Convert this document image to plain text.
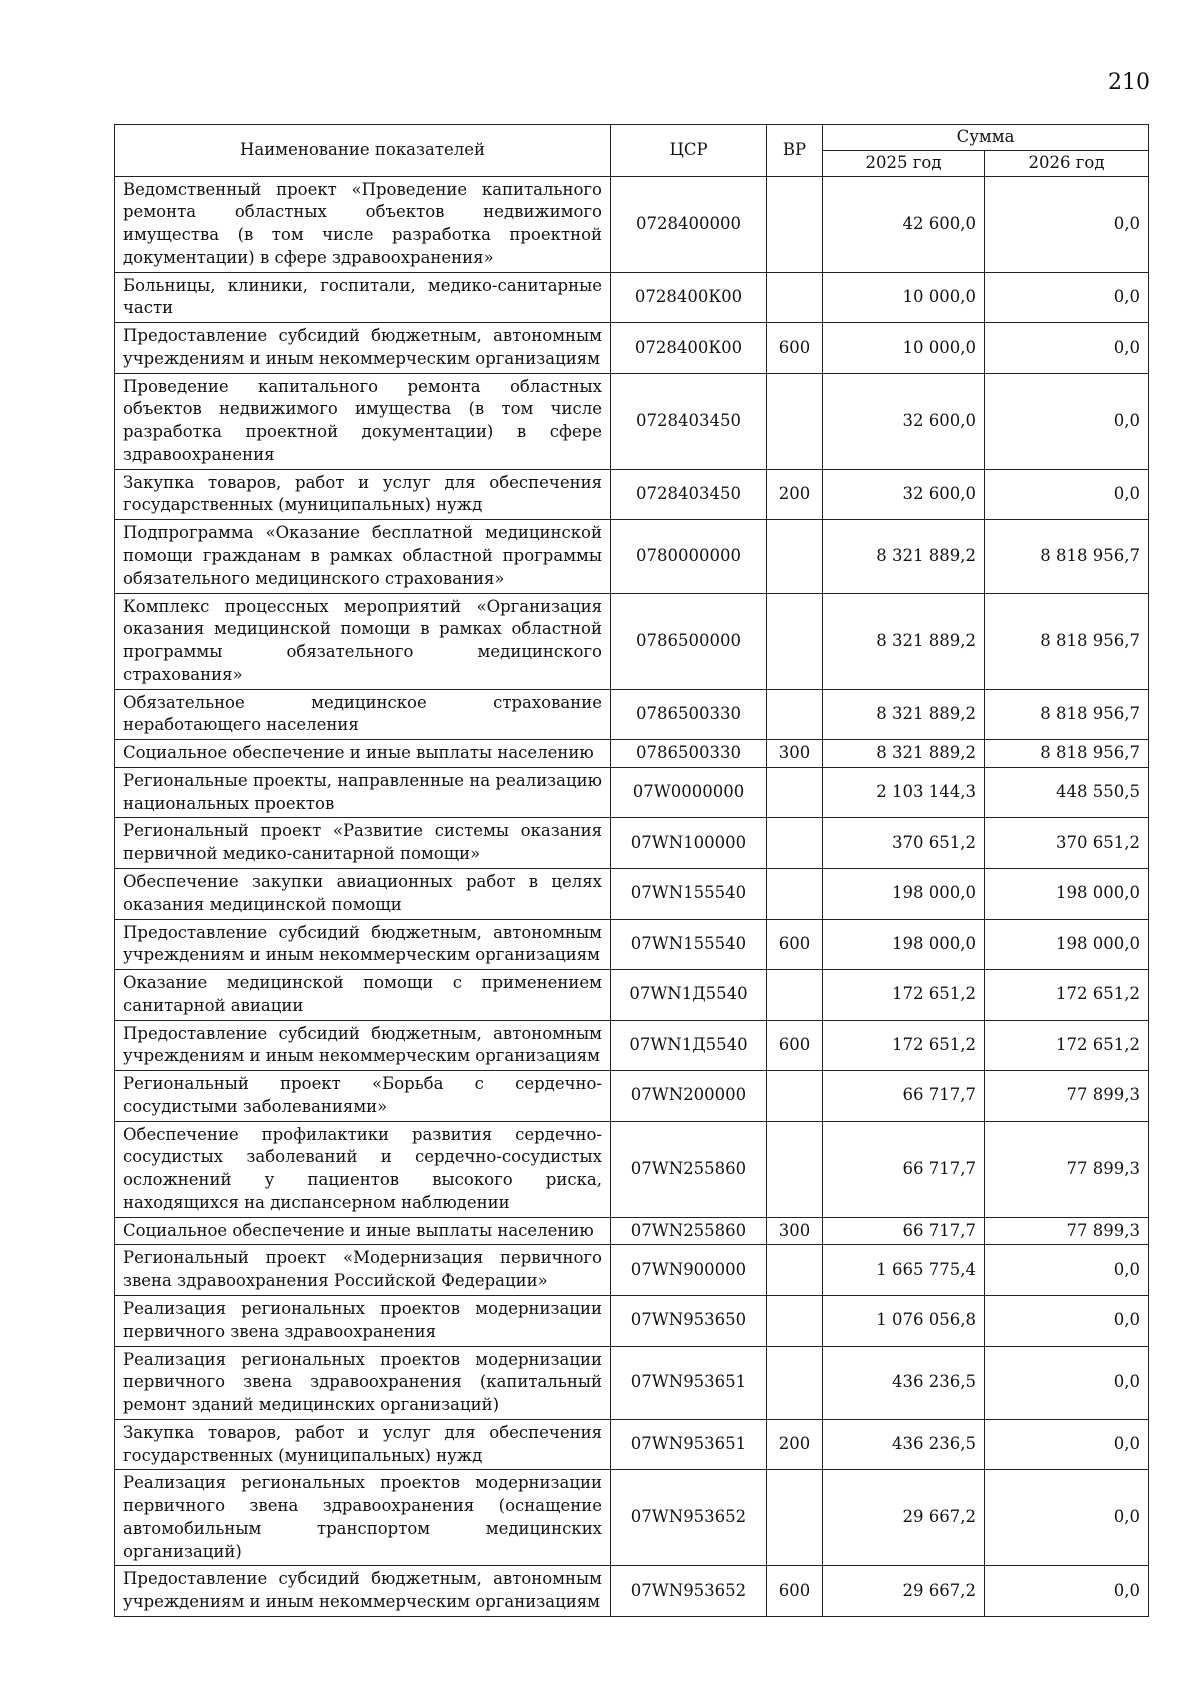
210
Наименование показателей	ЦСР	ВР	Сумма	
			2025 год	2026 год
Ведомственный проект «Проведение капитального ремонта областных объектов недвижимого имущества (в том числе разработка проектной документации) в сфере здравоохранения»	0728400000		42 600,0	0,0
Больницы, клиники, госпитали, медико-санитарные части	0728400К00		10 000,0	0,0
Предоставление субсидий бюджетным, автономным учреждениям и иным некоммерческим организациям	0728400К00	600	10 000,0	0,0
Проведение капитального ремонта областных объектов недвижимого имущества (в том числе разработка проектной документации) в сфере здравоохранения	0728403450		32 600,0	0,0
Закупка товаров, работ и услуг для обеспечения государственных (муниципальных) нужд	0728403450	200	32 600,0	0,0
Подпрограмма «Оказание бесплатной медицинской помощи гражданам в рамках областной программы обязательного медицинского страхования»	0780000000		8 321 889,2	8 818 956,7
Комплекс процессных мероприятий «Организация оказания медицинской помощи в рамках областной программы обязательного медицинского страхования»	0786500000		8 321 889,2	8 818 956,7
Обязательное медицинское страхование неработающего населения	0786500330		8 321 889,2	8 818 956,7
Социальное обеспечение и иные выплаты населению	0786500330	300	8 321 889,2	8 818 956,7
Региональные проекты, направленные на реализацию национальных проектов	07W0000000		2 103 144,3	448 550,5
Региональный проект «Развитие системы оказания первичной медико-санитарной помощи»	07WN100000		370 651,2	370 651,2
Обеспечение закупки авиационных работ в целях оказания медицинской помощи	07WN155540		198 000,0	198 000,0
Предоставление субсидий бюджетным, автономным учреждениям и иным некоммерческим организациям	07WN155540	600	198 000,0	198 000,0
Оказание медицинской помощи с применением санитарной авиации	07WN1Д5540		172 651,2	172 651,2
Предоставление субсидий бюджетным, автономным учреждениям и иным некоммерческим организациям	07WN1Д5540	600	172 651,2	172 651,2
Региональный проект «Борьба с сердечно-сосудистыми заболеваниями»	07WN200000		66 717,7	77 899,3
Обеспечение профилактики развития сердечно-сосудистых заболеваний и сердечно-сосудистых осложнений у пациентов высокого риска, находящихся на диспансерном наблюдении	07WN255860		66 717,7	77 899,3
Социальное обеспечение и иные выплаты населению	07WN255860	300	66 717,7	77 899,3
Региональный проект «Модернизация первичного звена здравоохранения Российской Федерации»	07WN900000		1 665 775,4	0,0
Реализация региональных проектов модернизации первичного звена здравоохранения	07WN953650		1 076 056,8	0,0
Реализация региональных проектов модернизации первичного звена здравоохранения (капитальный ремонт зданий медицинских организаций)	07WN953651		436 236,5	0,0
Закупка товаров, работ и услуг для обеспечения государственных (муниципальных) нужд	07WN953651	200	436 236,5	0,0
Реализация региональных проектов модернизации первичного звена здравоохранения (оснащение автомобильным транспортом медицинских организаций)	07WN953652		29 667,2	0,0
Предоставление субсидий бюджетным, автономным учреждениям и иным некоммерческим организациям	07WN953652	600	29 667,2	0,0
